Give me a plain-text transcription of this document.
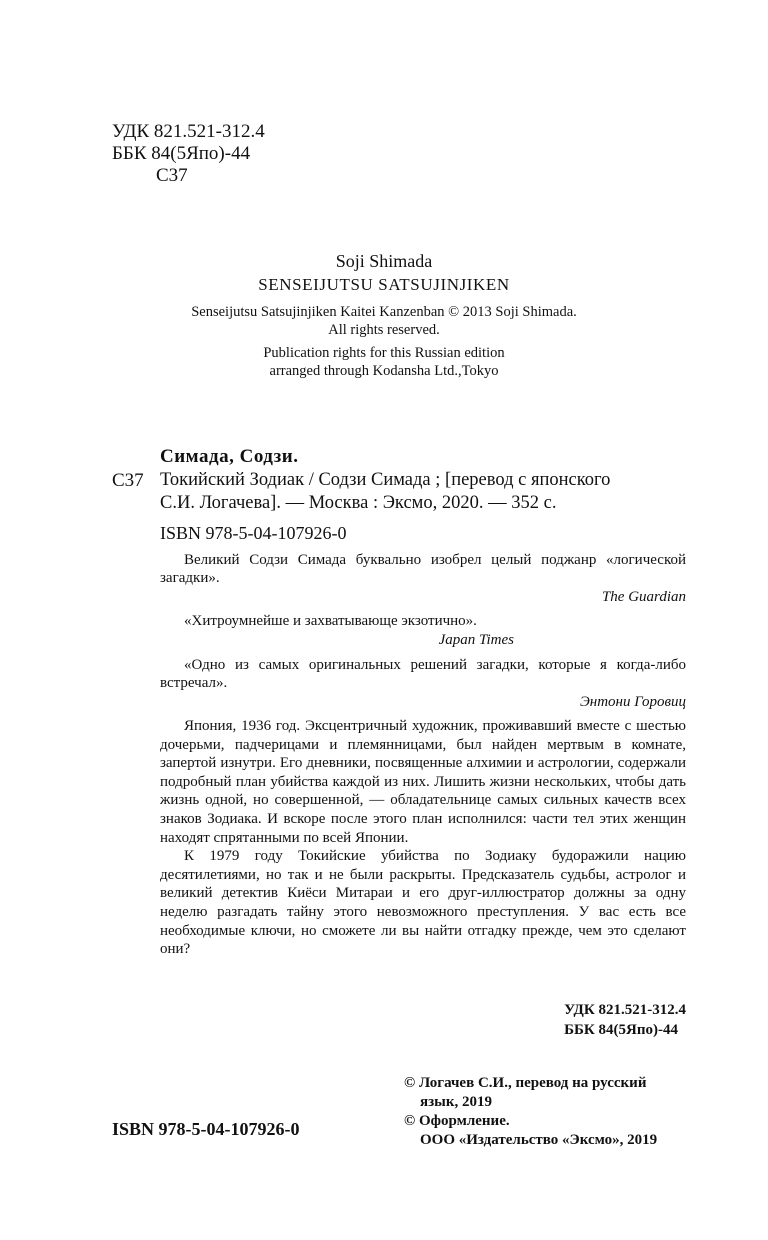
УДК 821.521-312.4
ББК 84(5Япо)-44
С37
Soji Shimada
SENSEIJUTSU SATSUJINJIKEN
Senseijutsu Satsujinjiken Kaitei Kanzenban © 2013 Soji Shimada.
All rights reserved.
Publication rights for this Russian edition
arranged through Kodansha Ltd.,Tokyo
Симада, Содзи.
С37 Токийский Зодиак / Содзи Симада ; [перевод с японского
С.И. Логачева]. — Москва : Эксмо, 2020. — 352 с.
ISBN 978-5-04-107926-0

Великий Содзи Симада буквально изобрел целый поджанр «логической загадки».

The Guardian

«Хитроумнейше и захватывающе экзотично».

Japan Times

«Одно из самых оригинальных решений загадки, которые я когда-либо встречал».

Энтони Горовиц

Япония, 1936 год. Эксцентричный художник, проживавший вместе с шестью дочерьми, падчерицами и племянницами, был найден мертвым в комнате, запертой изнутри. Его дневники, посвященные алхимии и астрологии, содержали подробный план убийства каждой из них. Лишить жизни нескольких, чтобы дать жизнь одной, но совершенной, — обладательнице самых сильных качеств всех знаков Зодиака. И вскоре после этого план исполнился: части тел этих женщин находят спрятанными по всей Японии.

К 1979 году Токийские убийства по Зодиаку будоражили нацию десятилетиями, но так и не были раскрыты. Предсказатель судьбы, астролог и великий детектив Киёси Митараи и его друг-иллюстратор должны за одну неделю разгадать тайну этого невозможного преступления. У вас есть все необходимые ключи, но сможете ли вы найти отгадку прежде, чем это сделают они?

УДК 821.521-312.4
ББК 84(5Япо)-44
© Логачев С.И., перевод на русский
язык, 2019
© Оформление.
ООО «Издательство «Эксмо», 2019
ISBN 978-5-04-107926-0
